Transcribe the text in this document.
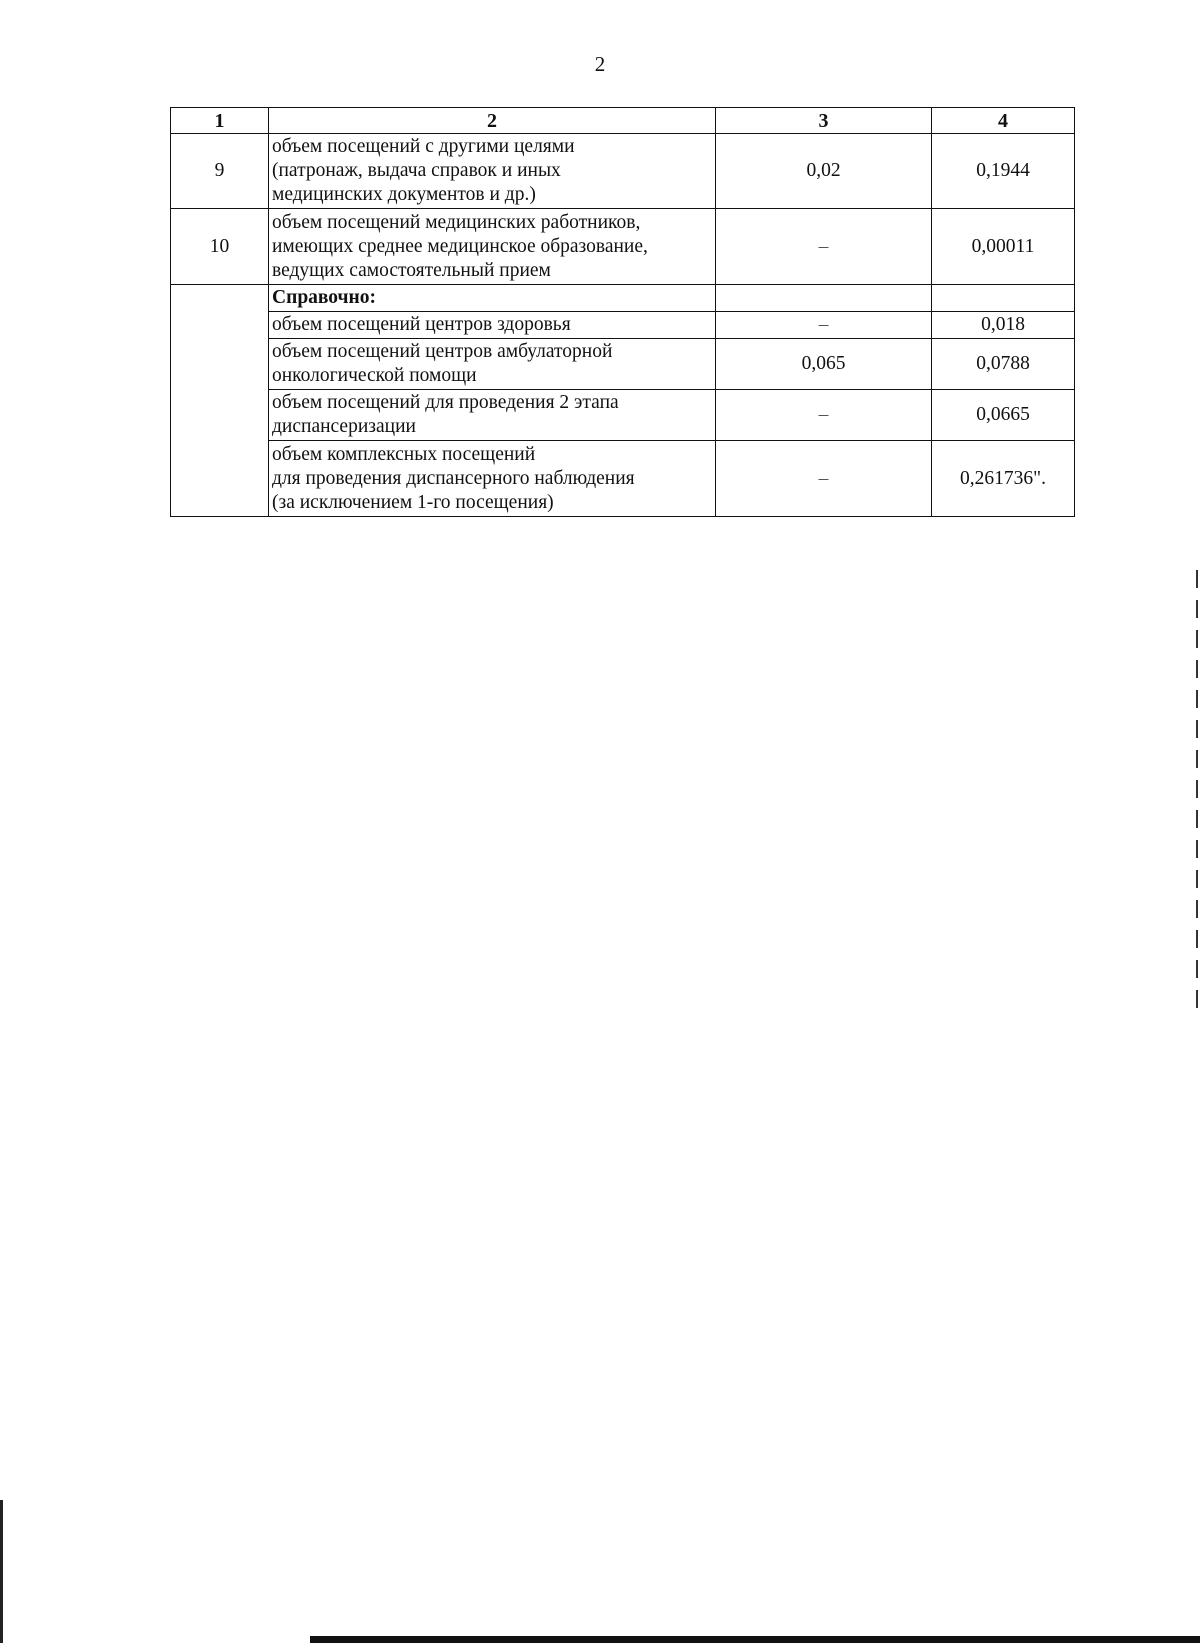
2
1	2	3	4
9	объем посещений с другими целями
(патронаж, выдача справок и иных
медицинских документов и др.)	0,02	0,1944
10	объем посещений медицинских работников,
имеющих среднее медицинское образование,
ведущих самостоятельный прием	–	0,00011
	Справочно:		

	объем посещений центров здоровья	–	0,018

	объем посещений центров амбулаторной
онкологической помощи	0,065	0,0788

	объем посещений для проведения 2 этапа
диспансеризации	–	0,0665

	объем комплексных посещений
для проведения диспансерного наблюдения
(за исключением 1-го посещения)	–	0,261736".
